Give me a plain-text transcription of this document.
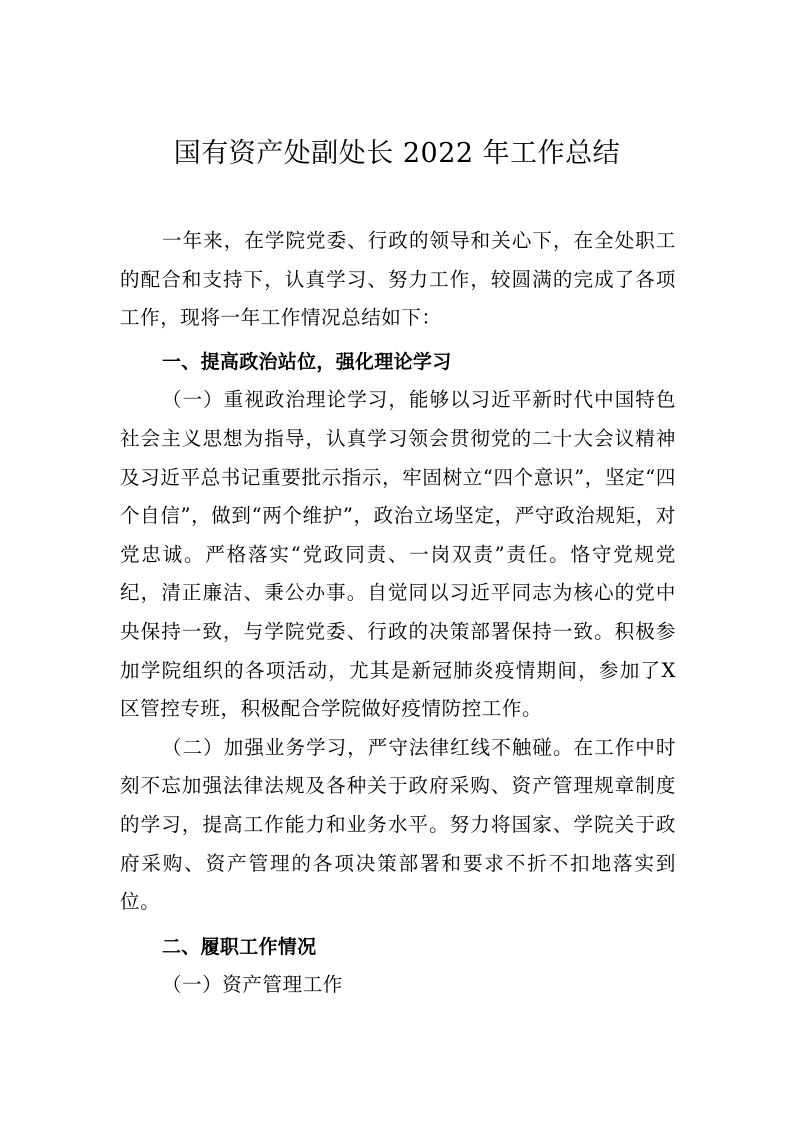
国有资产处副处长 2022 年工作总结

一年来，在学院党委、行政的领导和关心下，在全处职工的配合和支持下，认真学习、努力工作，较圆满的完成了各项工作，现将一年工作情况总结如下：

一、提高政治站位，强化理论学习

（一）重视政治理论学习，能够以习近平新时代中国特色社会主义思想为指导，认真学习领会贯彻党的二十大会议精神及习近平总书记重要批示指示，牢固树立“四个意识”，坚定“四个自信”，做到“两个维护”，政治立场坚定，严守政治规矩，对党忠诚。严格落实“党政同责、一岗双责”责任。恪守党规党纪，清正廉洁、秉公办事。自觉同以习近平同志为核心的党中央保持一致，与学院党委、行政的决策部署保持一致。积极参加学院组织的各项活动，尤其是新冠肺炎疫情期间，参加了X区管控专班，积极配合学院做好疫情防控工作。

（二）加强业务学习，严守法律红线不触碰。在工作中时刻不忘加强法律法规及各种关于政府采购、资产管理规章制度的学习，提高工作能力和业务水平。努力将国家、学院关于政府采购、资产管理的各项决策部署和要求不折不扣地落实到位。

二、履职工作情况

（一）资产管理工作
